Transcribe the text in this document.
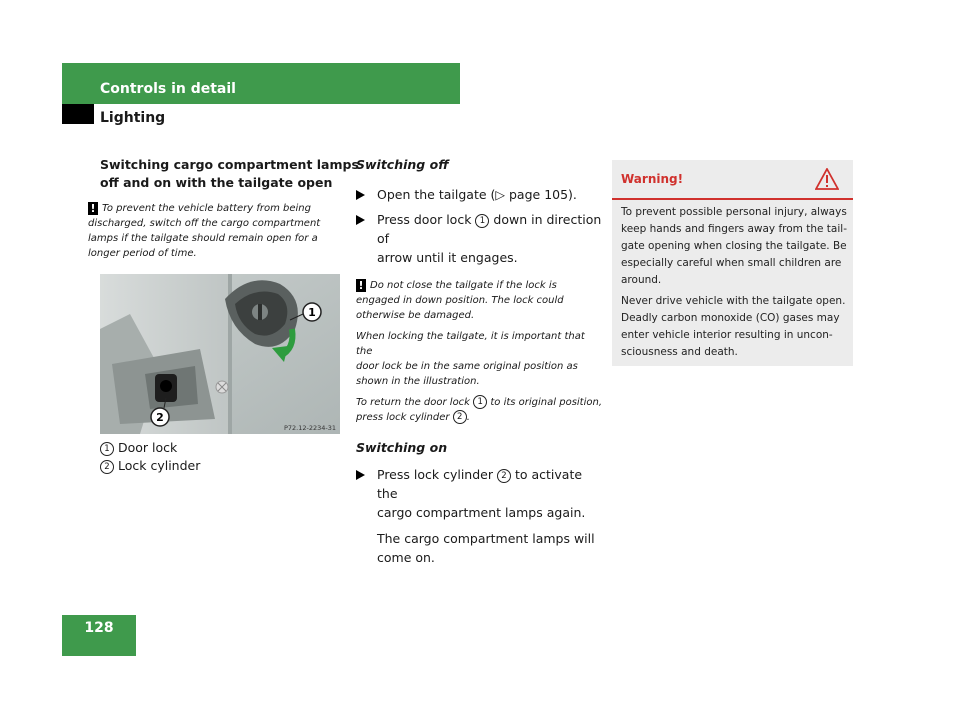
Controls in detail
Lighting
128
Switching cargo compartment lamps
off and on with the tailgate open
! To prevent the vehicle battery from being
discharged, switch off the cargo compartment
lamps if the tailgate should remain open for a
longer period of time.
1
2
P72.12-2234-31
1 Door lock
2 Lock cylinder
Switching off
Open the tailgate (▷ page 105).
Press door lock 1 down in direction of
arrow until it engages.
! Do not close the tailgate if the lock is
engaged in down position. The lock could
otherwise be damaged.
When locking the tailgate, it is important that the
door lock be in the same original position as
shown in the illustration.
To return the door lock 1 to its original position,
press lock cylinder 2 .
Switching on
Press lock cylinder 2 to activate the
cargo compartment lamps again.
The cargo compartment lamps will
come on.
Warning!
To prevent possible personal injury, always
keep hands and fingers away from the tail-
gate opening when closing the tailgate. Be
especially careful when small children are
around.
Never drive vehicle with the tailgate open.
Deadly carbon monoxide (CO) gases may
enter vehicle interior resulting in uncon-
sciousness and death.
